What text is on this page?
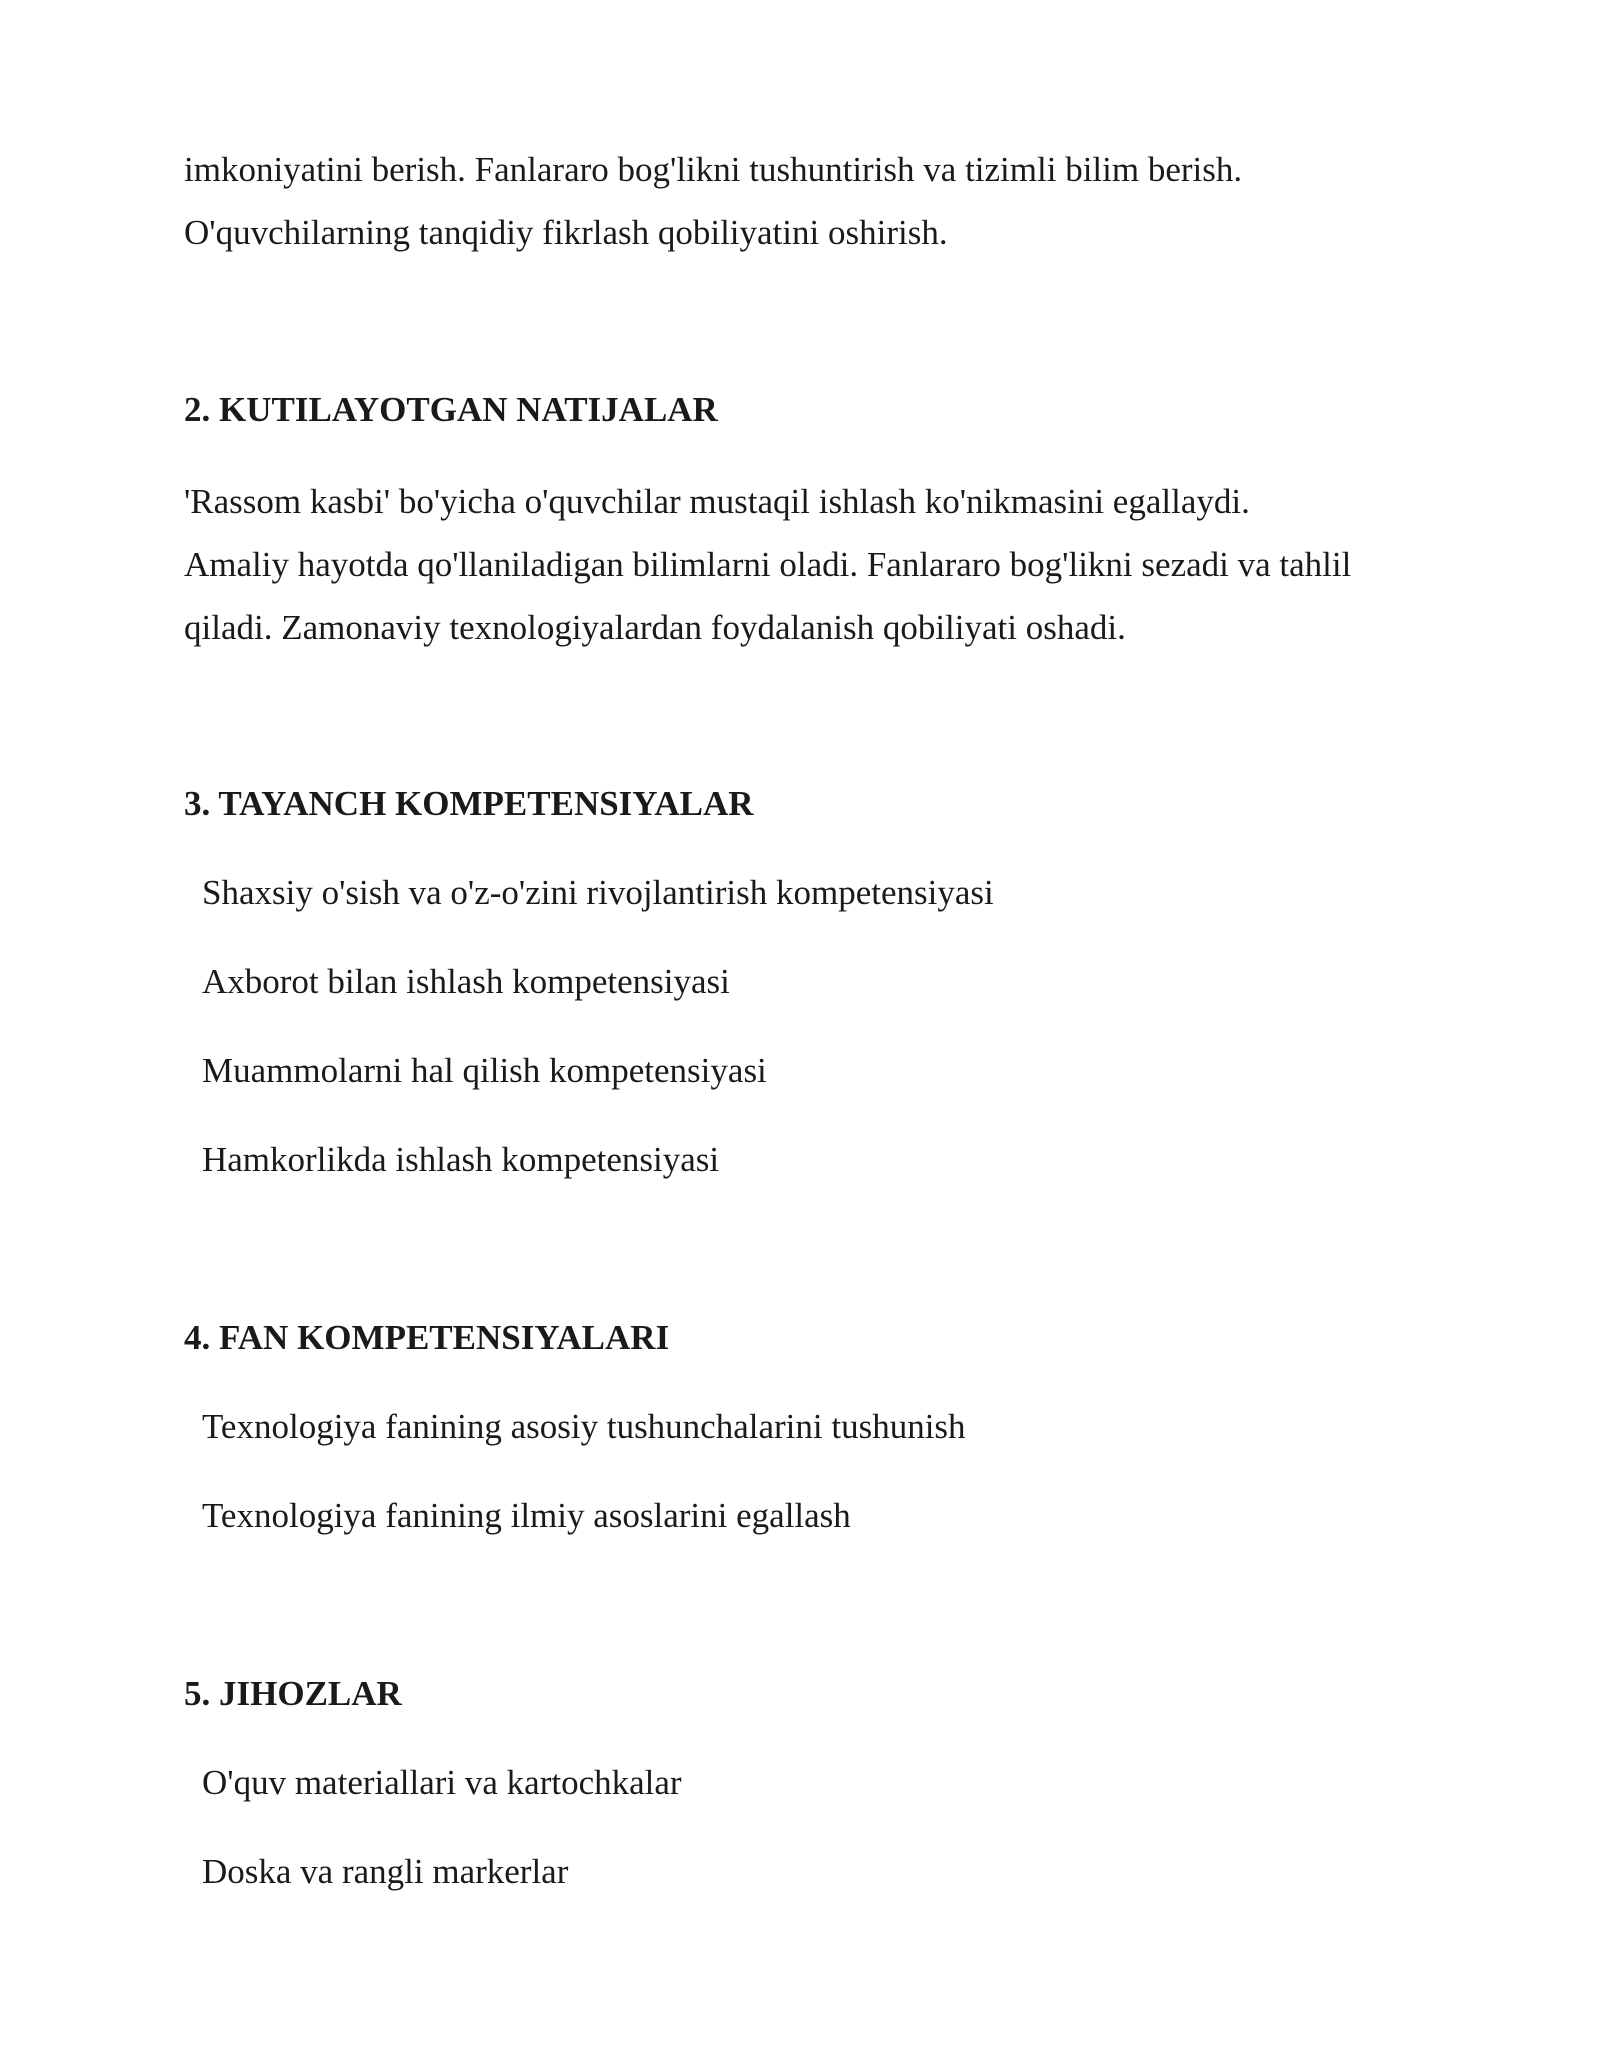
imkoniyatini berish. Fanlararo bog'likni tushuntirish va tizimli bilim berish.
O'quvchilarning tanqidiy fikrlash qobiliyatini oshirish.
2. KUTILAYOTGAN NATIJALAR
'Rassom kasbi' bo'yicha o'quvchilar mustaqil ishlash ko'nikmasini egallaydi.
Amaliy hayotda qo'llaniladigan bilimlarni oladi. Fanlararo bog'likni sezadi va tahlil
qiladi. Zamonaviy texnologiyalardan foydalanish qobiliyati oshadi.
3. TAYANCH KOMPETENSIYALAR
Shaxsiy o'sish va o'z-o'zini rivojlantirish kompetensiyasi
Axborot bilan ishlash kompetensiyasi
Muammolarni hal qilish kompetensiyasi
Hamkorlikda ishlash kompetensiyasi
4. FAN KOMPETENSIYALARI
Texnologiya fanining asosiy tushunchalarini tushunish
Texnologiya fanining ilmiy asoslarini egallash
5. JIHOZLAR
O'quv materiallari va kartochkalar
Doska va rangli markerlar
